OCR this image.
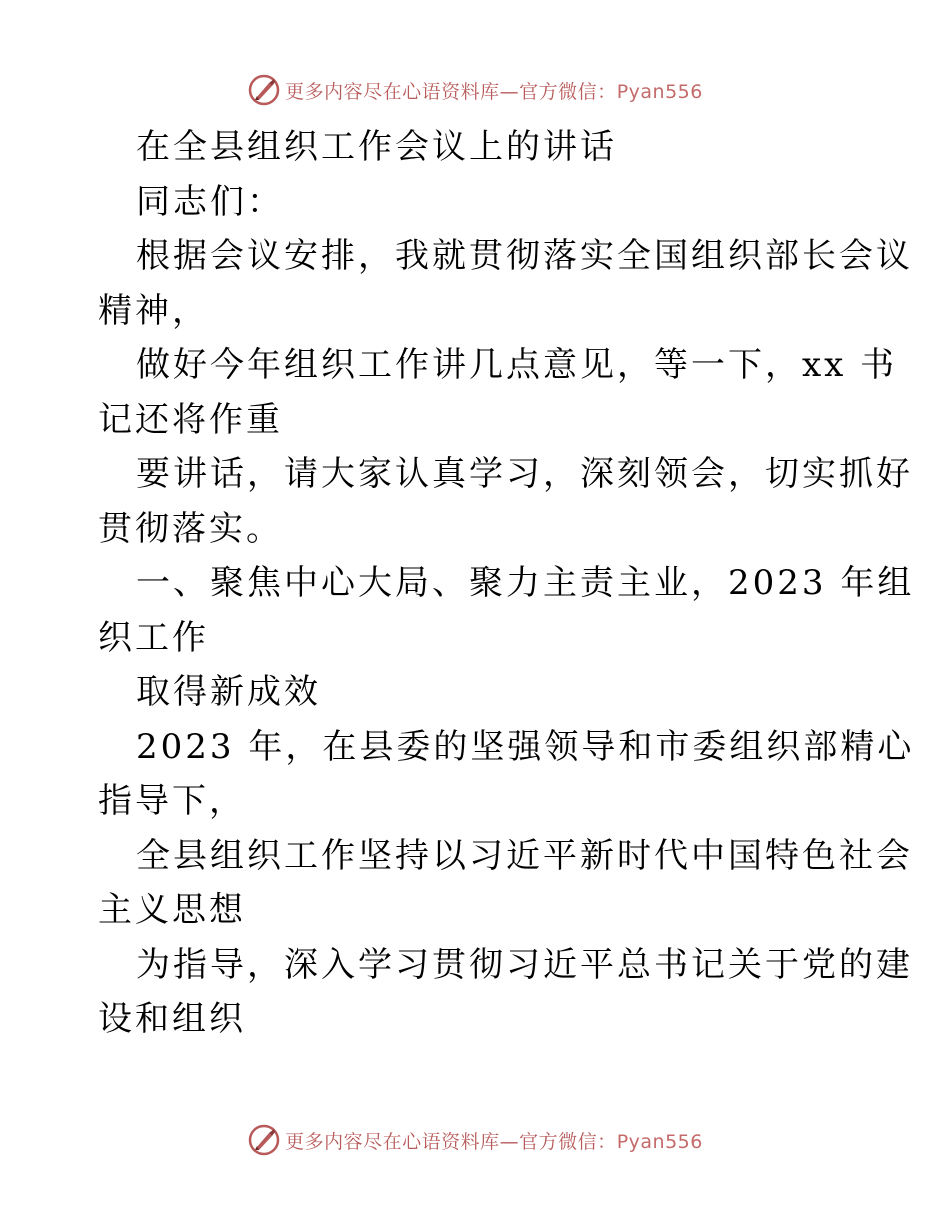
更多内容尽在心语资料库—官方微信：Pyan556
在全县组织工作会议上的讲话
同志们：
根据会议安排，我就贯彻落实全国组织部长会议
精神，
做好今年组织工作讲几点意见，等一下，xx 书
记还将作重
要讲话，请大家认真学习，深刻领会，切实抓好
贯彻落实。
一、聚焦中心大局、聚力主责主业，2023 年组
织工作
取得新成效
2023 年，在县委的坚强领导和市委组织部精心
指导下，
全县组织工作坚持以习近平新时代中国特色社会
主义思想
为指导，深入学习贯彻习近平总书记关于党的建
设和组织
更多内容尽在心语资料库—官方微信：Pyan556
